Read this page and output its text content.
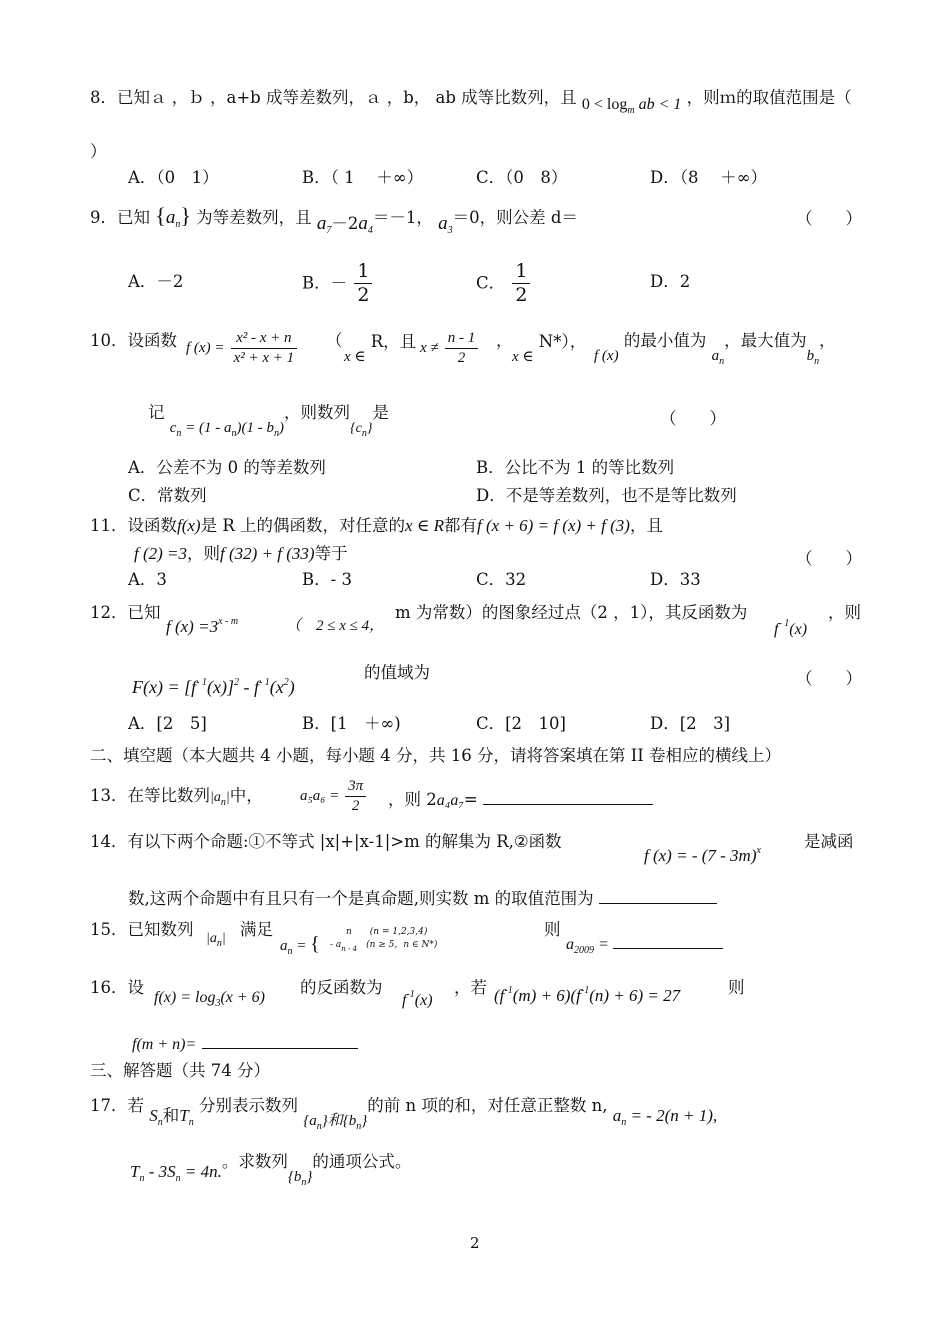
8．已知ａ ，ｂ ，a+b 成等差数列，ａ ，b， ab 成等比数列，且 $0 < \log_m$ ab < 1 ，则ｍ的取值范围是（
）
A．（0　1）	B．（ 1　 ＋∞）	C．（0　8）	D．（8　 ＋∞）
9．已知 $\{a_n\}$ 为等差数列，且 $a_7-2a_4=-1$， $a_3=0$，则公差 d＝	（　　）
A．－2	B．－ $\frac{1}{2}$	C． $\frac{1}{2}$	D．2
10．设函数 f $(x) = \frac{\text{x² - x + n}}{\text{x² + x + 1}}$ （
x ∈ R，且 $x \ne \frac{n - 1}{2}$ ，
x ∈ N*），
f (x) 的最小值为 $a_n$，最大值为$b_n$，
记 $c_n = (1 - a_n)(1 - b_n)$，则数列$_{\{c_n\}}$是	（　　）
A．公差不为 0 的等差数列	B．公比不为 1 的等比数列
C．常数列	D．不是等差数列，也不是等比数列
11．设函数f(x)是 R 上的偶函数，对任意的x ∈ R都有f (x + 6) = f (x) + f (3)，且
f (2) =3，则f (32) + f (33)等于	（　　）
A．3	B．- 3	C．32	D．33
12．已知
f $(x) =3^{x - m}$	（　2 ≤ x ≤ 4，
m 为常数）的图象经过点（2 ，1），其反函数为
$f^{- 1}(x)$
，则
$F(x) = [f^{- 1}(x)]^2 - f^{- 1}(x^2)$
的值域为	（　　）
A．[2　5]	B．[1　＋∞)	C．[2　10]	D．[2　3]
二、填空题（本大题共 4 小题，每小题 4 分，共 16 分，请将答案填在第 II 卷相应的横线上）
13．在等比数列$|a_n|$中， $a_5a_6 = \frac{3\pi}{2}$ ，则 2a₄a₇=
14．有以下两个命题:①不等式 |x|+|x-1|>m 的解集为 R,②函数
f (x) = - (7 - 3m)$^x$	是减函
数,这两个命题中有且只有一个是真命题,则实数 m 的取值范围为
15．已知数列 $|a_n|$ 满足
$a_n$ = {
n　　(n = 1,2,3,4)
- $a_{n - 4}$　(n ≥ 5，n ∈ N*)
则
$a_{2009}$ =
16．设
$f(x) = \log_3(x + 6)$
的反函数为
$f^{-1}(x)$
，若 $(f^{-1}(m) + 6)(f^{-1}(n) + 6) = 27$	则
f(m + n)=
三、解答题（共 74 分）
17．若 $S_n$和$T_n$ 分别表示数列 $\{a_n\}$和$\{b_n\}$的前 n 项的和，对任意正整数 n, $a_n$ = - 2(n + 1),
$T_n - 3S_n = 4n$.。求数列$\{b_n\}$的通项公式。
2
